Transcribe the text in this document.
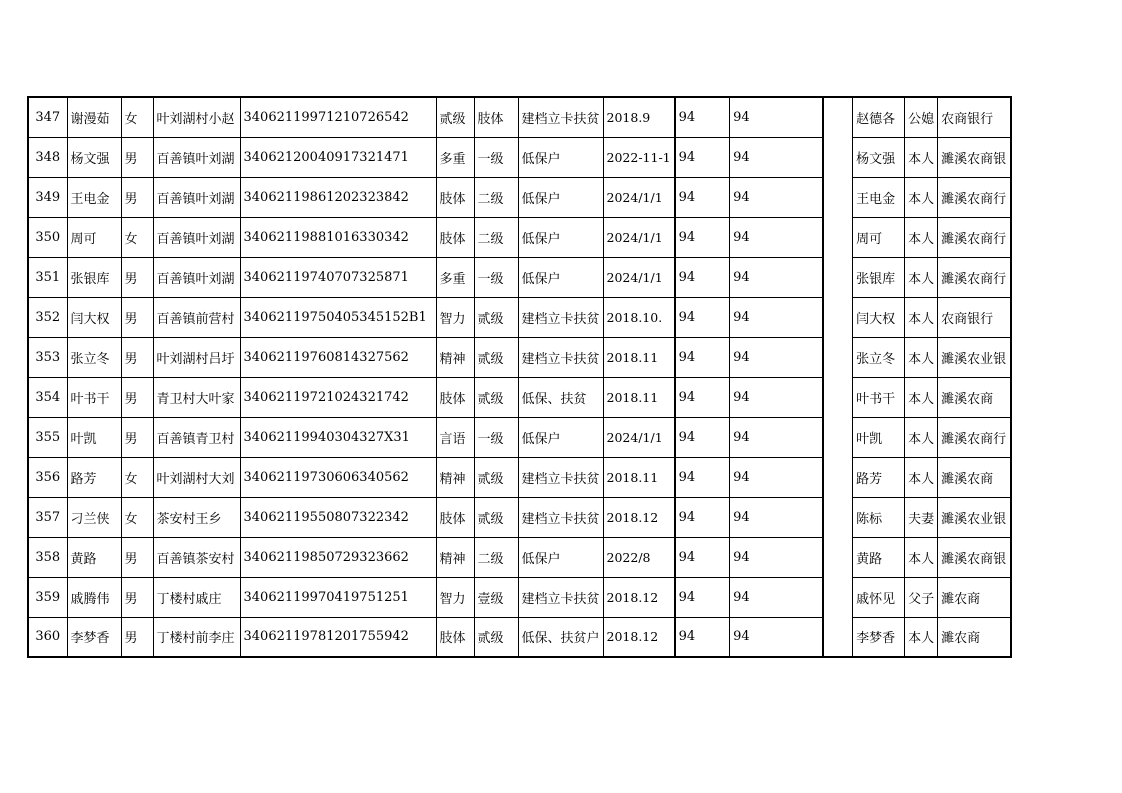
347	谢漫茹	女	叶刘湖村小赵	34062119971210726542	贰级	肢体	建档立卡扶贫	2018.9	94	94		赵德各	公媳	农商银行
348	杨文强	男	百善镇叶刘湖	34062120040917321471	多重	一级	低保户	2022-11-1	94	94		杨文强	本人	濉溪农商银
349	王电金	男	百善镇叶刘湖	34062119861202323842	肢体	二级	低保户	2024/1/1	94	94		王电金	本人	濉溪农商行
350	周可	女	百善镇叶刘湖	34062119881016330342	肢体	二级	低保户	2024/1/1	94	94		周可	本人	濉溪农商行
351	张银库	男	百善镇叶刘湖	34062119740707325871	多重	一级	低保户	2024/1/1	94	94		张银库	本人	濉溪农商行
352	闫大权	男	百善镇前营村	34062119750405345152B1	智力	贰级	建档立卡扶贫	2018.10.	94	94		闫大权	本人	农商银行
353	张立冬	男	叶刘湖村吕圩	34062119760814327562	精神	贰级	建档立卡扶贫	2018.11	94	94		张立冬	本人	濉溪农业银
354	叶书干	男	青卫村大叶家	34062119721024321742	肢体	贰级	低保、扶贫	2018.11	94	94		叶书干	本人	濉溪农商
355	叶凯	男	百善镇青卫村	34062119940304327X31	言语	一级	低保户	2024/1/1	94	94		叶凯	本人	濉溪农商行
356	路芳	女	叶刘湖村大刘	34062119730606340562	精神	贰级	建档立卡扶贫	2018.11	94	94		路芳	本人	濉溪农商
357	刁兰侠	女	茶安村王乡	34062119550807322342	肢体	贰级	建档立卡扶贫	2018.12	94	94		陈标	夫妻	濉溪农业银
358	黄路	男	百善镇茶安村	34062119850729323662	精神	二级	低保户	2022/8	94	94		黄路	本人	濉溪农商银
359	戚腾伟	男	丁楼村戚庄	34062119970419751251	智力	壹级	建档立卡扶贫	2018.12	94	94		戚怀见	父子	濉农商
360	李梦香	男	丁楼村前李庄	34062119781201755942	肢体	贰级	低保、扶贫户	2018.12	94	94		李梦香	本人	濉农商
